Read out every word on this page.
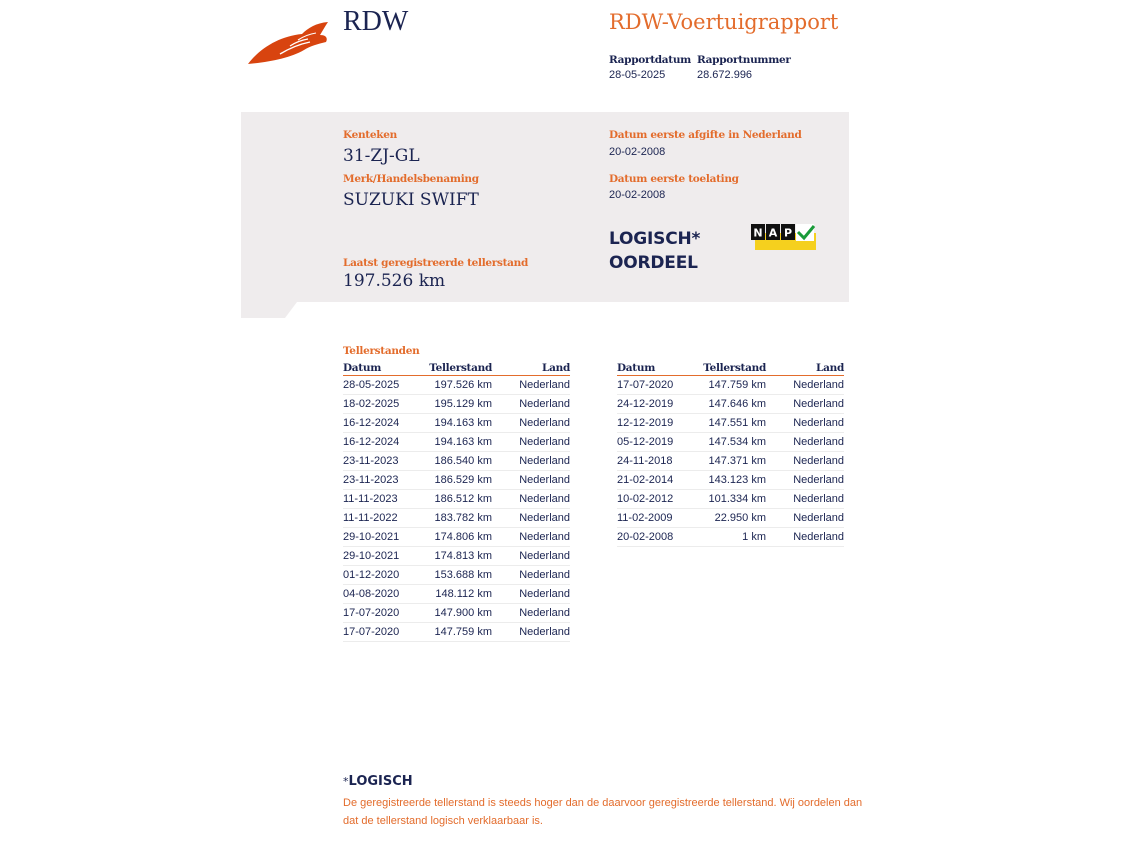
RDW	RDW-Voertuigrapport
Rapportdatum
28-05-2025
Rapportnummer
28.672.996
Kenteken
31-ZJ-GL
Merk/Handelsbenaming
SUZUKI SWIFT
Laatst geregistreerde tellerstand
197.526 km
Datum eerste afgifte in Nederland
20-02-2008
Datum eerste toelating
20-02-2008
LOGISCH*
OORDEEL
N A P
Tellerstanden
Datum	Tellerstand	Land
28-05-2025	197.526 km	Nederland
18-02-2025	195.129 km	Nederland
16-12-2024	194.163 km	Nederland
16-12-2024	194.163 km	Nederland
23-11-2023	186.540 km	Nederland
23-11-2023	186.529 km	Nederland
11-11-2023	186.512 km	Nederland
11-11-2022	183.782 km	Nederland
29-10-2021	174.806 km	Nederland
29-10-2021	174.813 km	Nederland
01-12-2020	153.688 km	Nederland
04-08-2020	148.112 km	Nederland
17-07-2020	147.900 km	Nederland
17-07-2020	147.759 km	Nederland
Datum	Tellerstand	Land
17-07-2020	147.759 km	Nederland
24-12-2019	147.646 km	Nederland
12-12-2019	147.551 km	Nederland
05-12-2019	147.534 km	Nederland
24-11-2018	147.371 km	Nederland
21-02-2014	143.123 km	Nederland
10-02-2012	101.334 km	Nederland
11-02-2009	22.950 km	Nederland
20-02-2008	1 km	Nederland
*LOGISCH
De geregistreerde tellerstand is steeds hoger dan de daarvoor geregistreerde tellerstand. Wij oordelen dan dat de tellerstand logisch verklaarbaar is.
